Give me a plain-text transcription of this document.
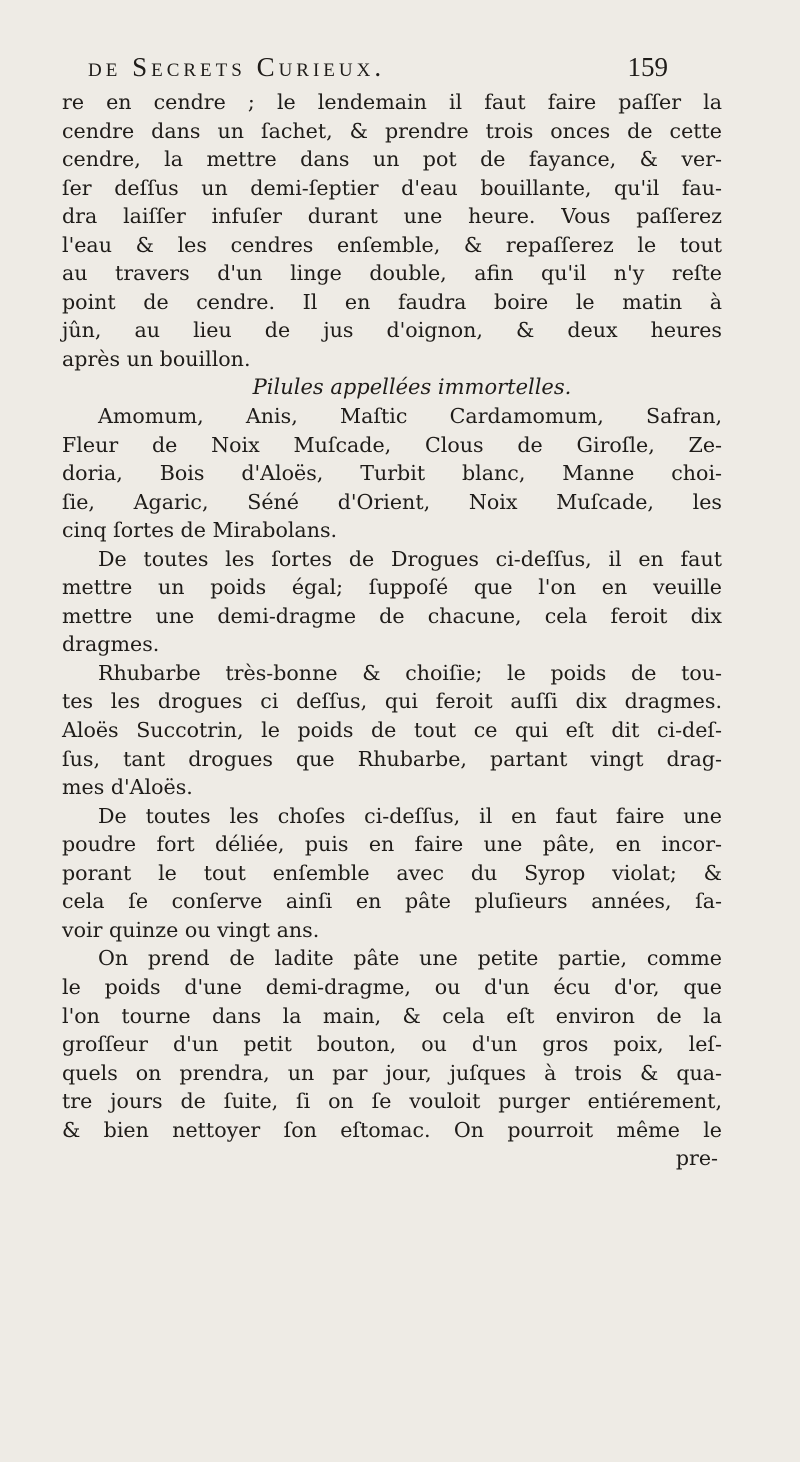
de Secrets Curieux.	159
re en cendre ; le lendemain il faut faire paſſer la
cendre dans un ſachet, & prendre trois onces de cette
cendre, la mettre dans un pot de fayance, & ver-
ſer deſſus un demi-ſeptier d'eau bouillante, qu'il fau-
dra laiſſer infuſer durant une heure. Vous paſſerez
l'eau & les cendres enſemble, & repaſſerez le tout
au travers d'un linge double, afin qu'il n'y reſte
point de cendre. Il en faudra boire le matin à
jûn, au lieu de jus d'oignon, & deux heures
après un bouillon.
Pilules appellées immortelles.
Amomum, Anis, Maſtic Cardamomum, Safran,
Fleur de Noix Muſcade, Clous de Giroſle, Ze-
doria, Bois d'Aloës, Turbit blanc, Manne choi-
ſie, Agaric, Séné d'Orient, Noix Muſcade, les
cinq ſortes de Mirabolans.
De toutes les ſortes de Drogues ci-deſſus, il en faut
mettre un poids égal; ſuppoſé que l'on en veuille
mettre une demi-dragme de chacune, cela feroit dix
dragmes.
Rhubarbe très-bonne & choiſie; le poids de tou-
tes les drogues ci deſſus, qui feroit auſſi dix dragmes.
Aloës Succotrin, le poids de tout ce qui eſt dit ci-deſ-
ſus, tant drogues que Rhubarbe, partant vingt drag-
mes d'Aloës.
De toutes les choſes ci-deſſus, il en faut faire une
poudre fort déliée, puis en faire une pâte, en incor-
porant le tout enſemble avec du Syrop violat; &
cela ſe conſerve ainſi en pâte pluſieurs années, ſa-
voir quinze ou vingt ans.
On prend de ladite pâte une petite partie, comme
le poids d'une demi-dragme, ou d'un écu d'or, que
l'on tourne dans la main, & cela eſt environ de la
groſſeur d'un petit bouton, ou d'un gros poix, leſ-
quels on prendra, un par jour, juſques à trois & qua-
tre jours de ſuite, ſi on ſe vouloit purger entiérement,
& bien nettoyer ſon eſtomac. On pourroit même le
pre-
